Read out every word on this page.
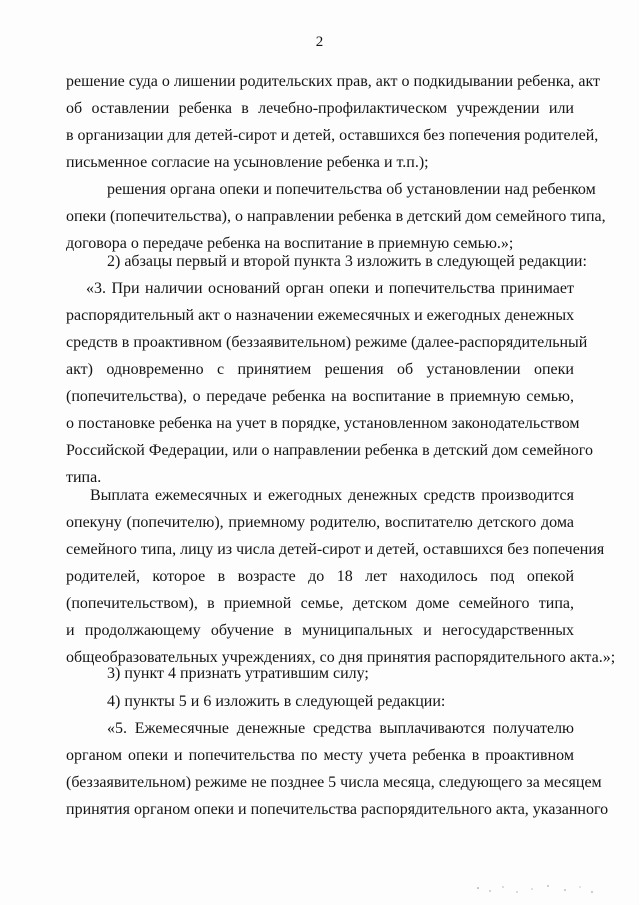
2
решение суда о лишении родительских прав, акт о подкидывании ребенка, акт
об оставлении ребенка в лечебно-профилактическом учреждении или
в организации для детей-сирот и детей, оставшихся без попечения родителей,
письменное согласие на усыновление ребенка и т.п.);
решения органа опеки и попечительства об установлении над ребенком
опеки (попечительства), о направлении ребенка в детский дом семейного типа,
договора о передаче ребенка на воспитание в приемную семью.»;
2) абзацы первый и второй пункта 3 изложить в следующей редакции:
«3. При наличии оснований орган опеки и попечительства принимает
распорядительный акт о назначении ежемесячных и ежегодных денежных
средств в проактивном (беззаявительном) режиме (далее-распорядительный
акт) одновременно с принятием решения об установлении опеки
(попечительства), о передаче ребенка на воспитание в приемную семью,
о постановке ребенка на учет в порядке, установленном законодательством
Российской Федерации, или о направлении ребенка в детский дом семейного
типа.
Выплата ежемесячных и ежегодных денежных средств производится
опекуну (попечителю), приемному родителю, воспитателю детского дома
семейного типа, лицу из числа детей-сирот и детей, оставшихся без попечения
родителей, которое в возрасте до 18 лет находилось под опекой
(попечительством), в приемной семье, детском доме семейного типа,
и продолжающему обучение в муниципальных и негосударственных
общеобразовательных учреждениях, со дня принятия распорядительного акта.»;
3) пункт 4 признать утратившим силу;
4) пункты 5 и 6 изложить в следующей редакции:
«5. Ежемесячные денежные средства выплачиваются получателю
органом опеки и попечительства по месту учета ребенка в проактивном
(беззаявительном) режиме не позднее 5 числа месяца, следующего за месяцем
принятия органом опеки и попечительства распорядительного акта, указанного
